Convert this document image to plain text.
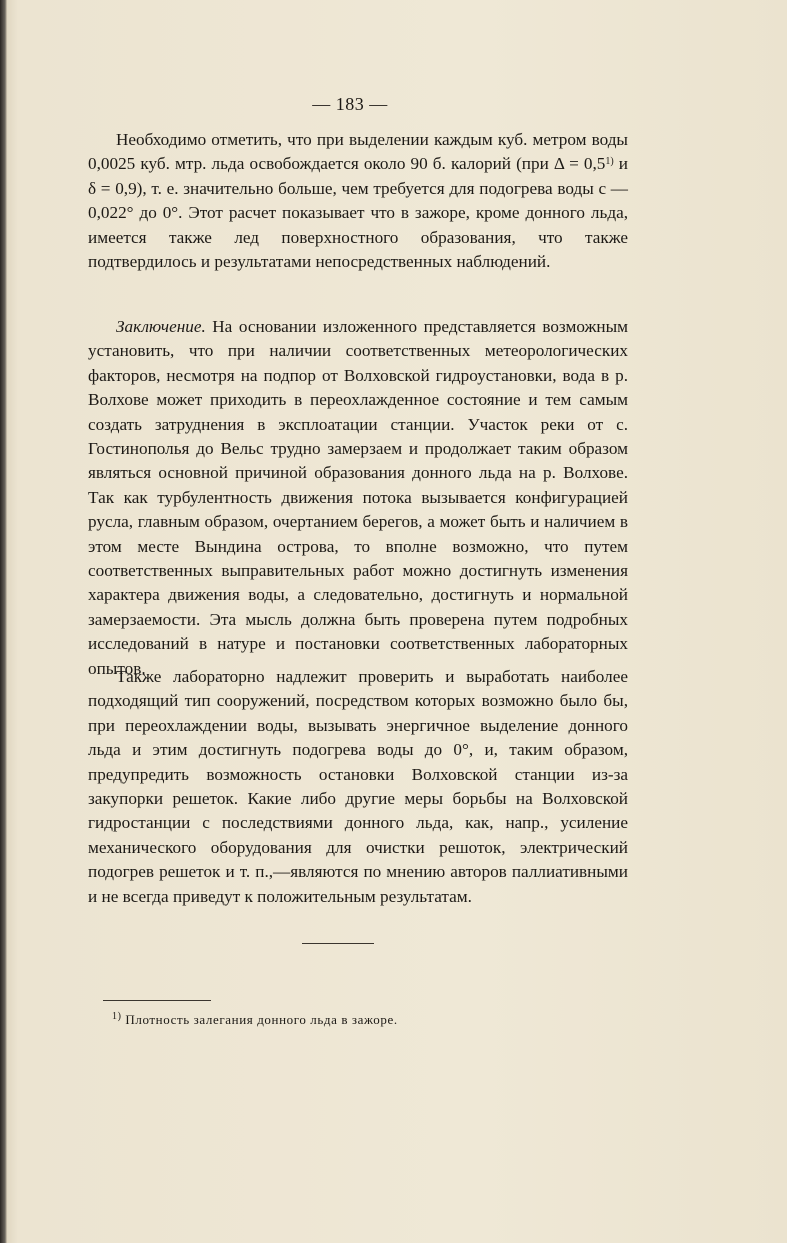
— 183 —

Необходимо отметить, что при выделении каждым куб. метром воды 0,0025 куб. мтр. льда освобождается около 90 б. калорий (при $\Delta = 0,5^{1)}$ и δ = 0,9), т. е. значительно больше, чем требуется для подогрева воды с — 0,022° до 0°. Этот расчет показывает что в зажоре, кроме донного льда, имеется также лед поверхностного образования, что также подтвердилось и результатами непосредственных наблюдений.

Заключение. На основании изложенного представляется возможным установить, что при наличии соответственных метеорологических факторов, несмотря на подпор от Волховской гидроустановки, вода в р. Волхове может приходить в переохлажденное состояние и тем самым создать затруднения в эксплоатации станции. Участок реки от с. Гостинополья до Вельс трудно замерзаем и продолжает таким образом являться основной причиной образования донного льда на р. Волхове. Так как турбулентность движения потока вызывается конфигурацией русла, главным образом, очертанием берегов, а может быть и наличием в этом месте Вындина острова, то вполне возможно, что путем соответственных выправительных работ можно достигнуть изменения характера движения воды, а следовательно, достигнуть и нормальной замерзаемости. Эта мысль должна быть проверена путем подробных исследований в натуре и постановки соответственных лабораторных опытов.

Также лабораторно надлежит проверить и выработать наиболее подходящий тип сооружений, посредством которых возможно было бы, при переохлаждении воды, вызывать энергичное выделение донного льда и этим достигнуть подогрева воды до 0°, и, таким образом, предупредить возможность остановки Волховской станции из-за закупорки решеток. Какие либо другие меры борьбы на Волховской гидростанции с последствиями донного льда, как, напр., усиление механического оборудования для очистки решоток, электрический подогрев решеток и т. п.,—являются по мнению авторов паллиативными и не всегда приведут к положительным результатам.

$^{1)}$ Плотность залегания донного льда в зажоре.
